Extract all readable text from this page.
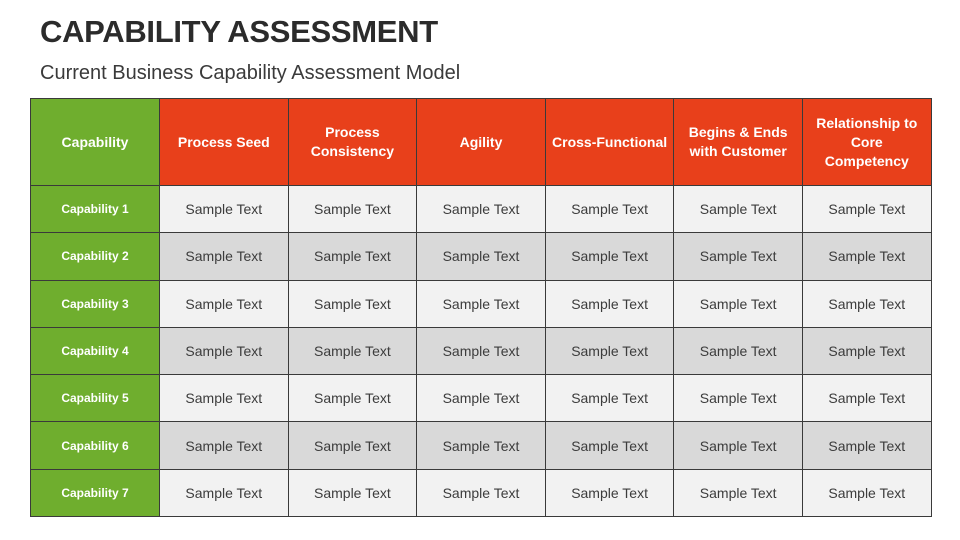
CAPABILITY ASSESSMENT
Current Business Capability Assessment Model
Capability	Process Seed	Process Consistency	Agility	Cross-Functional	Begins & Ends with Customer	Relationship to Core Competency
Capability 1	Sample Text	Sample Text	Sample Text	Sample Text	Sample Text	Sample Text
Capability 2	Sample Text	Sample Text	Sample Text	Sample Text	Sample Text	Sample Text
Capability 3	Sample Text	Sample Text	Sample Text	Sample Text	Sample Text	Sample Text
Capability 4	Sample Text	Sample Text	Sample Text	Sample Text	Sample Text	Sample Text
Capability 5	Sample Text	Sample Text	Sample Text	Sample Text	Sample Text	Sample Text
Capability 6	Sample Text	Sample Text	Sample Text	Sample Text	Sample Text	Sample Text
Capability 7	Sample Text	Sample Text	Sample Text	Sample Text	Sample Text	Sample Text
